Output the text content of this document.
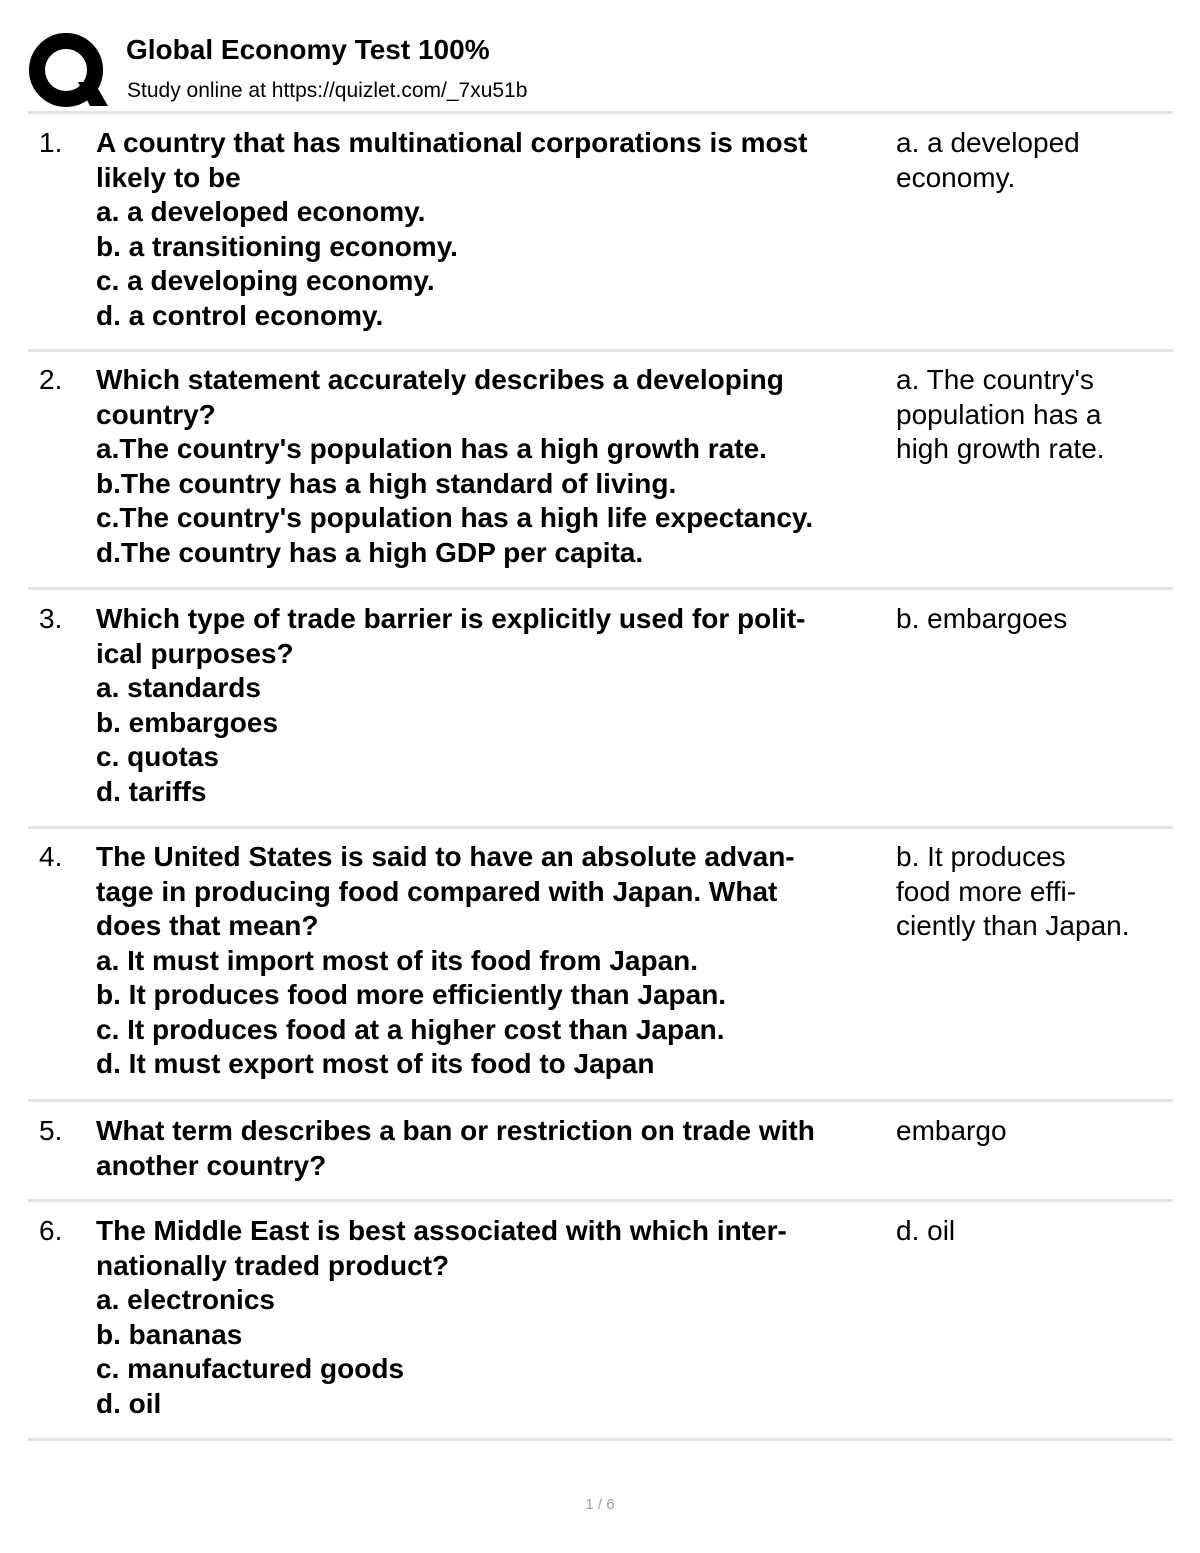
Global Economy Test 100%
Study online at https://quizlet.com/_7xu51b
1. A country that has multinational corporations is most
likely to be
a. a developed economy.
b. a transitioning economy.
c. a developing economy.
d. a control economy.
a. a developed
economy.
2. Which statement accurately describes a developing
country?
a.The country's population has a high growth rate.
b.The country has a high standard of living.
c.The country's population has a high life expectancy.
d.The country has a high GDP per capita.
a. The country's
population has a
high growth rate.
3. Which type of trade barrier is explicitly used for polit-
ical purposes?
a. standards
b. embargoes
c. quotas
d. tariffs
b. embargoes
4. The United States is said to have an absolute advan-
tage in producing food compared with Japan. What
does that mean?
a. It must import most of its food from Japan.
b. It produces food more efficiently than Japan.
c. It produces food at a higher cost than Japan.
d. It must export most of its food to Japan
b. It produces
food more effi-
ciently than Japan.
5. What term describes a ban or restriction on trade with
another country?
embargo
6. The Middle East is best associated with which inter-
nationally traded product?
a. electronics
b. bananas
c. manufactured goods
d. oil
d. oil
1 / 6
